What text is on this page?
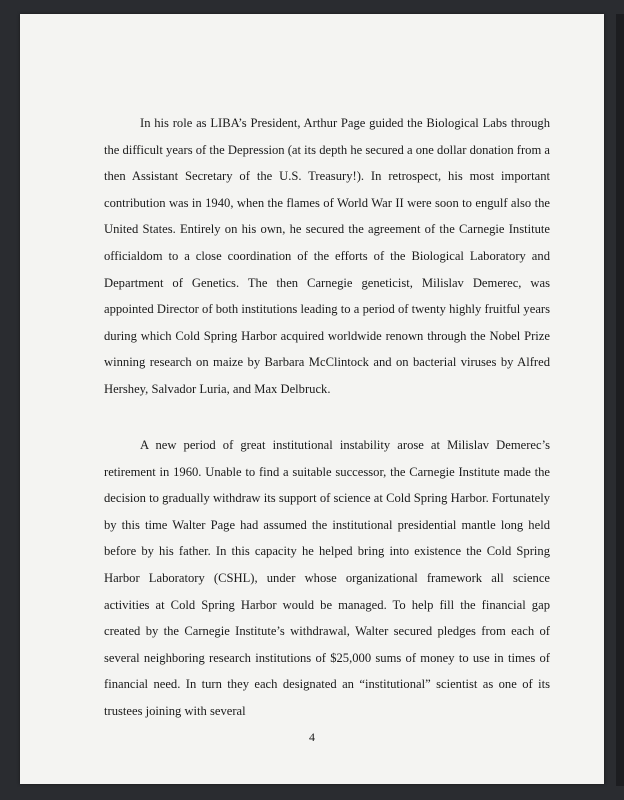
In his role as LIBA’s President, Arthur Page guided the Biological Labs through the difficult years of the Depression (at its depth he secured a one dollar donation from a then Assistant Secretary of the U.S. Treasury!). In retrospect, his most important contribution was in 1940, when the flames of World War II were soon to engulf also the United States. Entirely on his own, he secured the agreement of the Carnegie Institute officialdom to a close coordination of the efforts of the Biological Laboratory and Department of Genetics. The then Carnegie geneticist, Milislav Demerec, was appointed Director of both institutions leading to a period of twenty highly fruitful years during which Cold Spring Harbor acquired worldwide renown through the Nobel Prize winning research on maize by Barbara McClintock and on bacterial viruses by Alfred Hershey, Salvador Luria, and Max Delbruck.

A new period of great institutional instability arose at Milislav Demerec’s retirement in 1960. Unable to find a suitable successor, the Carnegie Institute made the decision to gradually withdraw its support of science at Cold Spring Harbor. Fortunately by this time Walter Page had assumed the institutional presidential mantle long held before by his father. In this capacity he helped bring into existence the Cold Spring Harbor Laboratory (CSHL), under whose organizational framework all science activities at Cold Spring Harbor would be managed. To help fill the financial gap created by the Carnegie Institute’s withdrawal, Walter secured pledges from each of several neighboring research institutions of $25,000 sums of money to use in times of financial need. In turn they each designated an “institutional” scientist as one of its trustees joining with several

4
